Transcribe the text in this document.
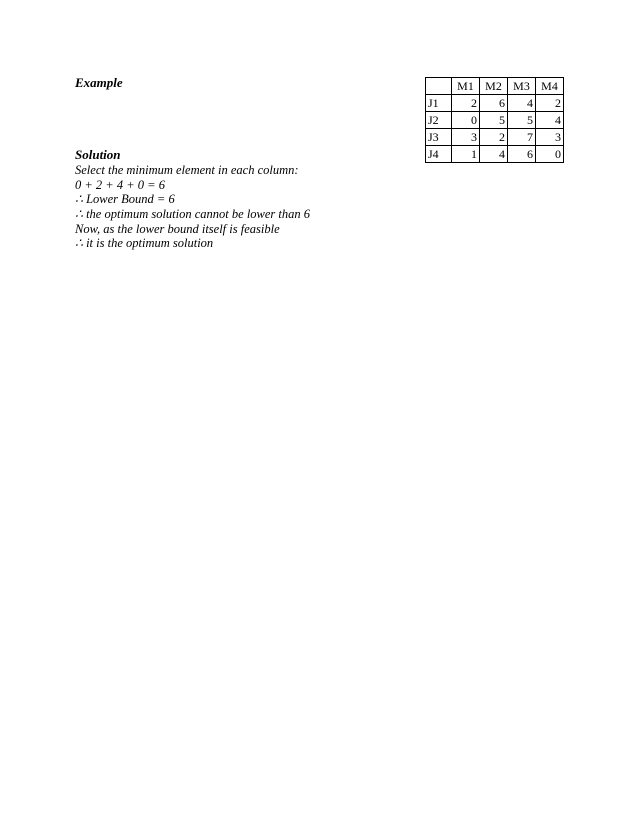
Example
		M1	M2	M3	M4
J1	2	6	4	2
J2	0	5	5	4
J3	3	2	7	3
J4	1	4	6	0
Solution
Select the minimum element in each column:
0 + 2 + 4 + 0 = 6
∴ Lower Bound = 6
∴ the optimum solution cannot be lower than 6
Now, as the lower bound itself is feasible
∴ it is the optimum solution
